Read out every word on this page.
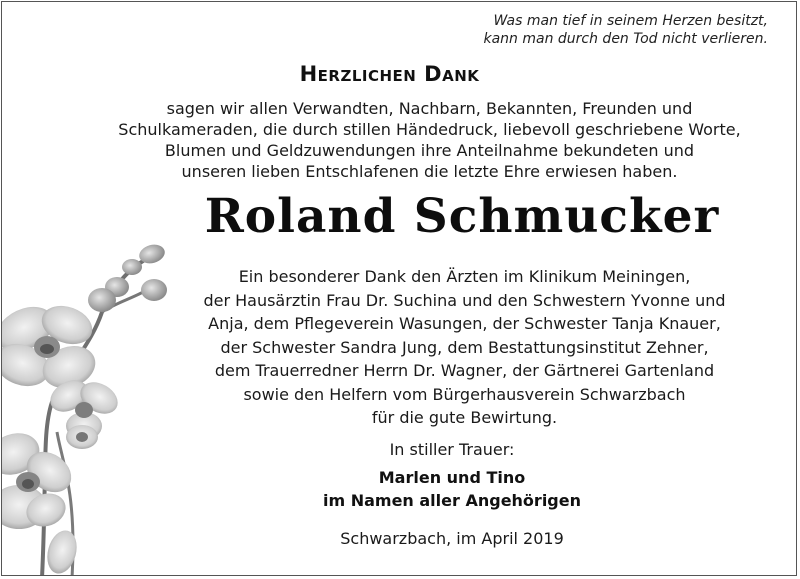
Was man tief in seinem Herzen besitzt,
kann man durch den Tod nicht verlieren.
Herzlichen Dank
sagen wir allen Verwandten, Nachbarn, Bekannten, Freunden und
Schulkameraden, die durch stillen Händedruck, liebevoll geschriebene Worte,
Blumen und Geldzuwendungen ihre Anteilnahme bekundeten und
unseren lieben Entschlafenen die letzte Ehre erwiesen haben.
Roland Schmucker
Ein besonderer Dank den Ärzten im Klinikum Meiningen,
der Hausärztin Frau Dr. Suchina und den Schwestern Yvonne und
Anja, dem Pflegeverein Wasungen, der Schwester Tanja Knauer,
der Schwester Sandra Jung, dem Bestattungsinstitut Zehner,
dem Trauerredner Herrn Dr. Wagner, der Gärtnerei Gartenland
sowie den Helfern vom Bürgerhausverein Schwarzbach
für die gute Bewirtung.
In stiller Trauer:
Marlen und Tino
im Namen aller Angehörigen
Schwarzbach, im April 2019
